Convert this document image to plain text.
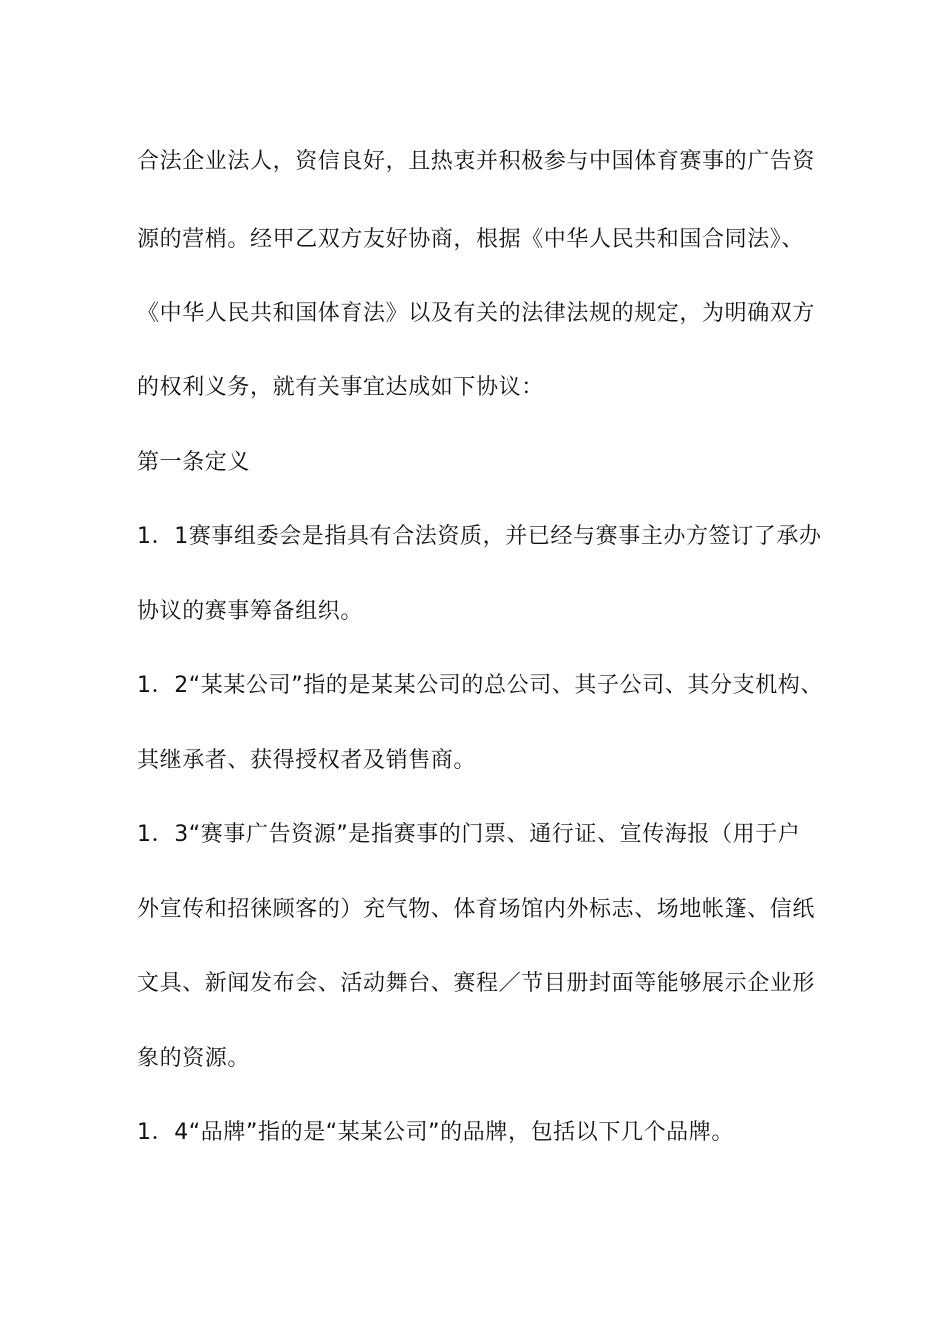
合法企业法人，资信良好，且热衷并积极参与中国体育赛事的广告资
源的营梢。经甲乙双方友好协商，根据《中华人民共和国合同法》、
《中华人民共和国体育法》以及有关的法律法规的规定，为明确双方
的权利义务，就有关事宜达成如下协议：
第一条定义
1．1赛事组委会是指具有合法资质，并已经与赛事主办方签订了承办
协议的赛事筹备组织。
1．2“某某公司”指的是某某公司的总公司、其子公司、其分支机构、
其继承者、获得授权者及销售商。
1．3“赛事广告资源”是指赛事的门票、通行证、宣传海报（用于户
外宣传和招徕顾客的）充气物、体育场馆内外标志、场地帐篷、信纸
文具、新闻发布会、活动舞台、赛程／节目册封面等能够展示企业形
象的资源。
1．4“品牌”指的是“某某公司”的品牌，包括以下几个品牌。
